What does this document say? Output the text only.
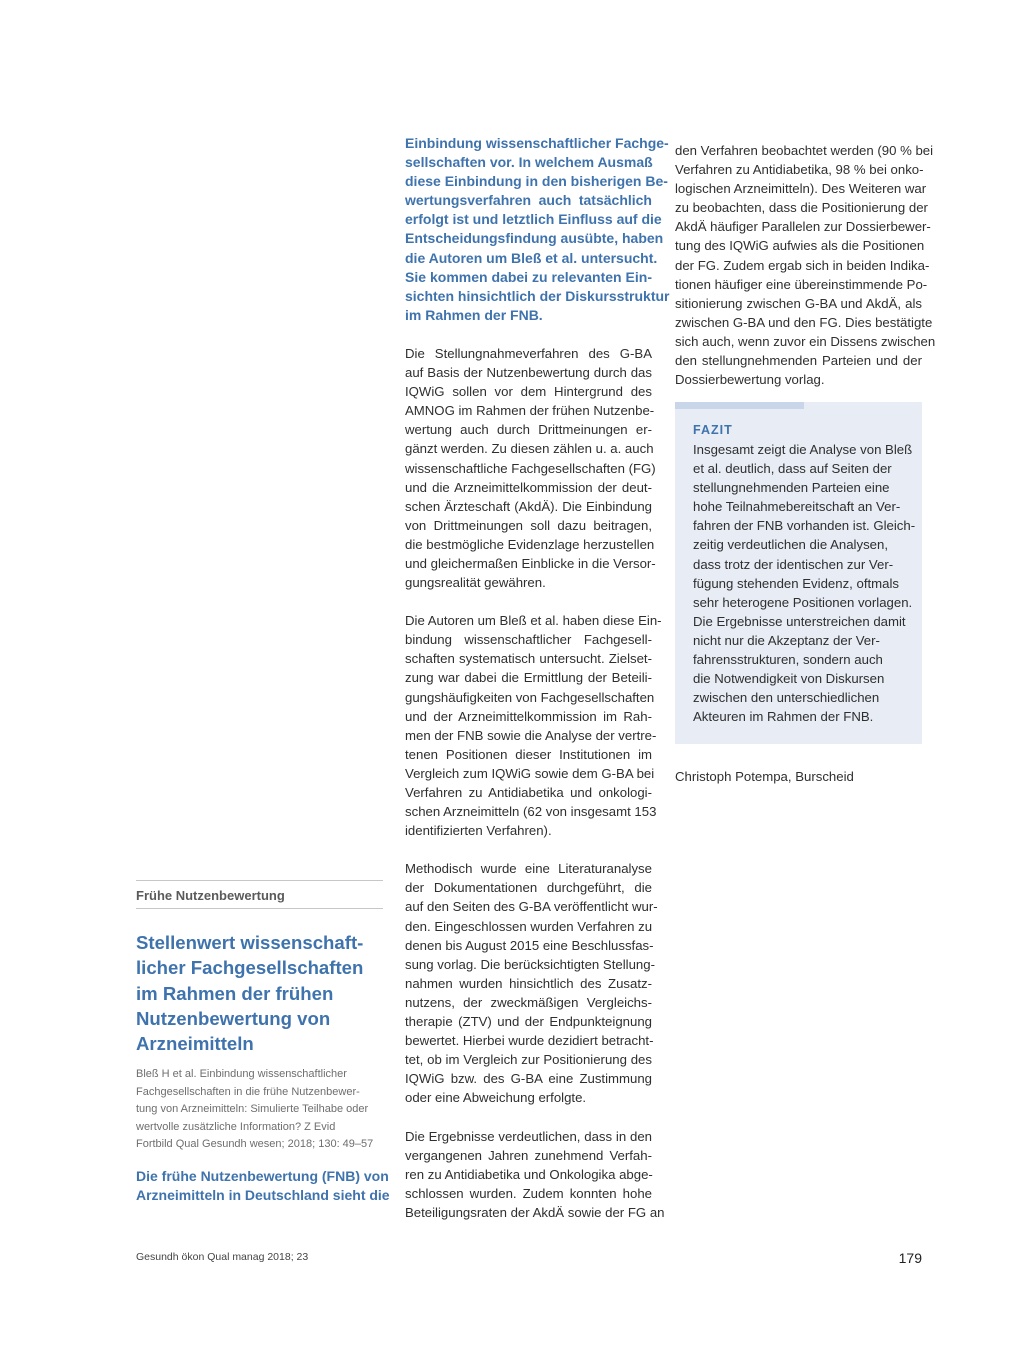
Frühe Nutzenbewertung
Stellenwert wissenschaft-
licher Fachgesellschaften
im Rahmen der frühen
Nutzenbewertung von
Arzneimitteln
Bleß H et al. Einbindung wissenschaftlicher
Fachgesellschaften in die frühe Nutzenbewer-
tung von Arzneimitteln: Simulierte Teilhabe oder
wertvolle zusätzliche Information? Z Evid
Fortbild Qual Gesundh wesen; 2018; 130: 49–57
Die frühe Nutzenbewertung (FNB) von
Arzneimitteln in Deutschland sieht die
Einbindung wissenschaftlicher Fachge-
sellschaften vor. In welchem Ausmaß
diese Einbindung in den bisherigen Be-
wertungsverfahren auch tatsächlich
erfolgt ist und letztlich Einfluss auf die
Entscheidungsfindung ausübte, haben
die Autoren um Bleß et al. untersucht.
Sie kommen dabei zu relevanten Ein-
sichten hinsichtlich der Diskursstruktur
im Rahmen der FNB.
Die Stellungnahmeverfahren des G-BA
auf Basis der Nutzenbewertung durch das
IQWiG sollen vor dem Hintergrund des
AMNOG im Rahmen der frühen Nutzenbe-
wertung auch durch Drittmeinungen er-
gänzt werden. Zu diesen zählen u. a. auch
wissenschaftliche Fachgesellschaften (FG)
und die Arzneimittelkommission der deut-
schen Ärzteschaft (AkdÄ). Die Einbindung
von Drittmeinungen soll dazu beitragen,
die bestmögliche Evidenzlage herzustellen
und gleichermaßen Einblicke in die Versor-
gungsrealität gewähren.
Die Autoren um Bleß et al. haben diese Ein-
bindung wissenschaftlicher Fachgesell-
schaften systematisch untersucht. Zielset-
zung war dabei die Ermittlung der Beteili-
gungshäufigkeiten von Fachgesellschaften
und der Arzneimittelkommission im Rah-
men der FNB sowie die Analyse der vertre-
tenen Positionen dieser Institutionen im
Vergleich zum IQWiG sowie dem G-BA bei
Verfahren zu Antidiabetika und onkologi-
schen Arzneimitteln (62 von insgesamt 153
identifizierten Verfahren).
Methodisch wurde eine Literaturanalyse
der Dokumentationen durchgeführt, die
auf den Seiten des G-BA veröffentlicht wur-
den. Eingeschlossen wurden Verfahren zu
denen bis August 2015 eine Beschlussfas-
sung vorlag. Die berücksichtigten Stellung-
nahmen wurden hinsichtlich des Zusatz-
nutzens, der zweckmäßigen Vergleichs-
therapie (ZTV) und der Endpunkteignung
bewertet. Hierbei wurde dezidiert betracht-
tet, ob im Vergleich zur Positionierung des
IQWiG bzw. des G-BA eine Zustimmung
oder eine Abweichung erfolgte.
Die Ergebnisse verdeutlichen, dass in den
vergangenen Jahren zunehmend Verfah-
ren zu Antidiabetika und Onkologika abge-
schlossen wurden. Zudem konnten hohe
Beteiligungsraten der AkdÄ sowie der FG an
den Verfahren beobachtet werden (90 % bei
Verfahren zu Antidiabetika, 98 % bei onko-
logischen Arzneimitteln). Des Weiteren war
zu beobachten, dass die Positionierung der
AkdÄ häufiger Parallelen zur Dossierbewer-
tung des IQWiG aufwies als die Positionen
der FG. Zudem ergab sich in beiden Indika-
tionen häufiger eine übereinstimmende Po-
sitionierung zwischen G-BA und AkdÄ, als
zwischen G-BA und den FG. Dies bestätigte
sich auch, wenn zuvor ein Dissens zwischen
den stellungnehmenden Parteien und der
Dossierbewertung vorlag.
FAZIT
Insgesamt zeigt die Analyse von Bleß
et al. deutlich, dass auf Seiten der
stellungnehmenden Parteien eine
hohe Teilnahmebereitschaft an Ver-
fahren der FNB vorhanden ist. Gleich-
zeitig verdeutlichen die Analysen,
dass trotz der identischen zur Ver-
fügung stehenden Evidenz, oftmals
sehr heterogene Positionen vorlagen.
Die Ergebnisse unterstreichen damit
nicht nur die Akzeptanz der Ver-
fahrensstrukturen, sondern auch
die Notwendigkeit von Diskursen
zwischen den unterschiedlichen
Akteuren im Rahmen der FNB.
Christoph Potempa, Burscheid
Gesundh ökon Qual manag 2018; 23	179
